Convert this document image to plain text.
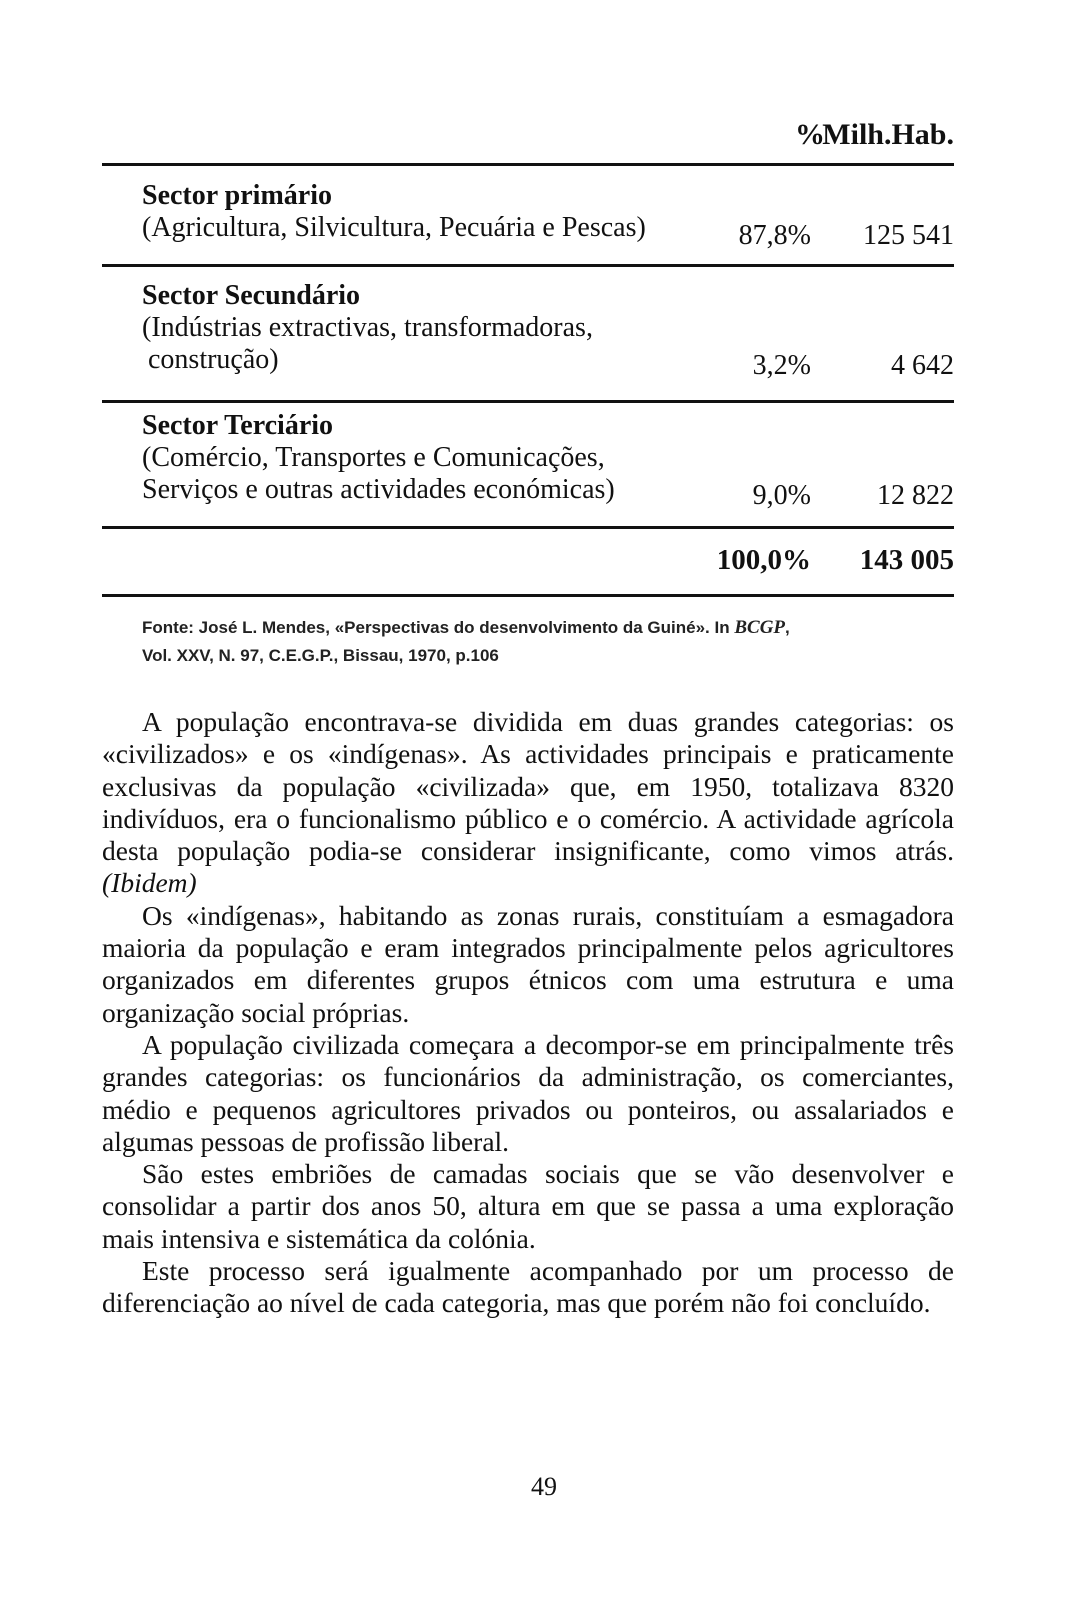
%
Milh.Hab.
Sector primário
(Agricultura, Silvicultura, Pecuária e Pescas)	87,8% 125 541
Sector Secundário
(Indústrias extractivas, transformadoras,
construção)	3,2%	4 642
Sector Terciário
(Comércio, Transportes e Comunicações,
Serviços e outras actividades económicas)	9,0% 12 822
100,0% 143 005
Fonte: José L. Mendes, «Perspectivas do desenvolvimento da Guiné». In BCGP,
Vol. XXV, N. 97, C.E.G.P., Bissau, 1970, p.106

A população encontrava-se dividida em duas grandes categorias: os «civilizados» e os «indígenas». As actividades principais e praticamente exclusivas da população «civilizada» que, em 1950, totalizava 8320 indivíduos, era o funcionalismo público e o comércio. A actividade agrícola desta população podia-se considerar insignificante, como vimos atrás. (Ibidem)

Os «indígenas», habitando as zonas rurais, constituíam a esmagadora maioria da população e eram integrados principalmente pelos agricultores organizados em diferentes grupos étnicos com uma estrutura e uma organização social próprias.

A população civilizada começara a decompor-se em principalmente três grandes categorias: os funcionários da administração, os comerciantes, médio e pequenos agricultores privados ou ponteiros, ou assalariados e algumas pessoas de profissão liberal.

São estes embriões de camadas sociais que se vão desenvolver e consolidar a partir dos anos 50, altura em que se passa a uma exploração mais intensiva e sistemática da colónia.

Este processo será igualmente acompanhado por um processo de diferenciação ao nível de cada categoria, mas que porém não foi concluído.

49
